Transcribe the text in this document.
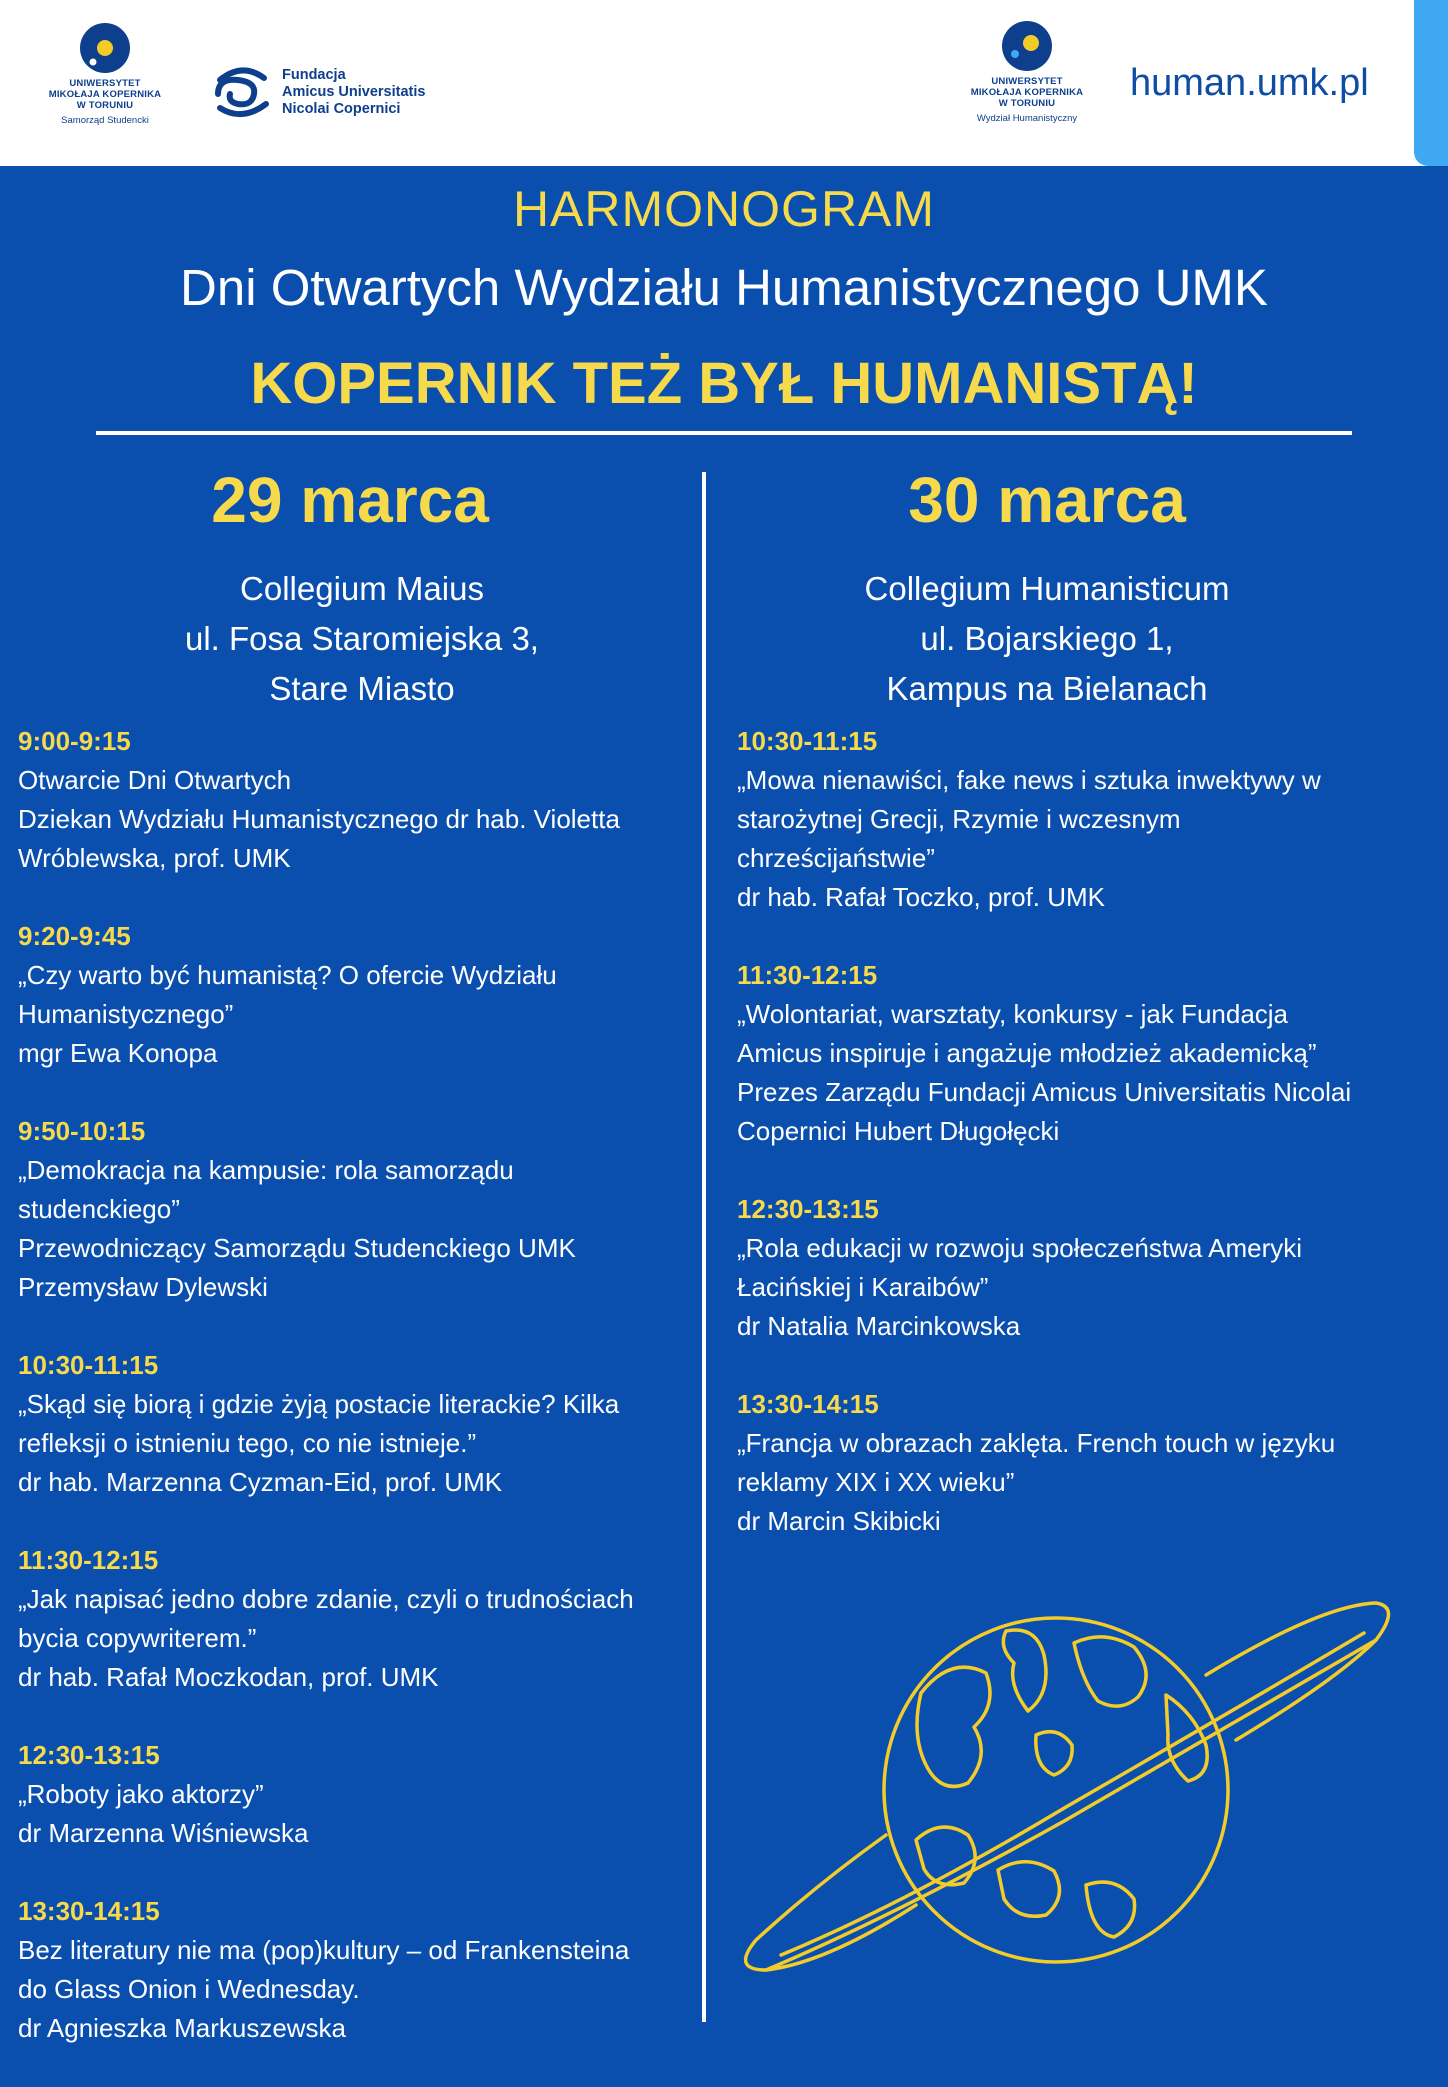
UNIWERSYTET
MIKOŁAJA KOPERNIKA
W TORUNIU
Samorząd Studencki
Fundacja
Amicus Universitatis
Nicolai Copernici
UNIWERSYTET
MIKOŁAJA KOPERNIKA
W TORUNIU
Wydział Humanistyczny
human.umk.pl
HARMONOGRAM
Dni Otwartych Wydziału Humanistycznego UMK
KOPERNIK TEŻ BYŁ HUMANISTĄ!
29 marca
Collegium Maius
ul. Fosa Staromiejska 3,
Stare Miasto
9:00-9:15
Otwarcie Dni Otwartych
Dziekan Wydziału Humanistycznego dr hab. Violetta
Wróblewska, prof. UMK
9:20-9:45
„Czy warto być humanistą? O ofercie Wydziału
Humanistycznego”
mgr Ewa Konopa
9:50-10:15
„Demokracja na kampusie: rola samorządu
studenckiego”
Przewodniczący Samorządu Studenckiego UMK
Przemysław Dylewski
10:30-11:15
„Skąd się biorą i gdzie żyją postacie literackie? Kilka
refleksji o istnieniu tego, co nie istnieje.”
dr hab. Marzenna Cyzman-Eid, prof. UMK
11:30-12:15
„Jak napisać jedno dobre zdanie, czyli o trudnościach
bycia copywriterem.”
dr hab. Rafał Moczkodan, prof. UMK
12:30-13:15
„Roboty jako aktorzy”
dr Marzenna Wiśniewska
13:30-14:15
Bez literatury nie ma (pop)kultury – od Frankensteina
do Glass Onion i Wednesday.
dr Agnieszka Markuszewska
30 marca
Collegium Humanisticum
ul. Bojarskiego 1,
Kampus na Bielanach
10:30-11:15
„Mowa nienawiści, fake news i sztuka inwektywy w
starożytnej Grecji, Rzymie i wczesnym
chrześcijaństwie”
dr hab. Rafał Toczko, prof. UMK
11:30-12:15
„Wolontariat, warsztaty, konkursy - jak Fundacja
Amicus inspiruje i angażuje młodzież akademicką”
Prezes Zarządu Fundacji Amicus Universitatis Nicolai
Copernici Hubert Długołęcki
12:30-13:15
„Rola edukacji w rozwoju społeczeństwa Ameryki
Łacińskiej i Karaibów”
dr Natalia Marcinkowska
13:30-14:15
„Francja w obrazach zaklęta. French touch w języku
reklamy XIX i XX wieku”
dr Marcin Skibicki
